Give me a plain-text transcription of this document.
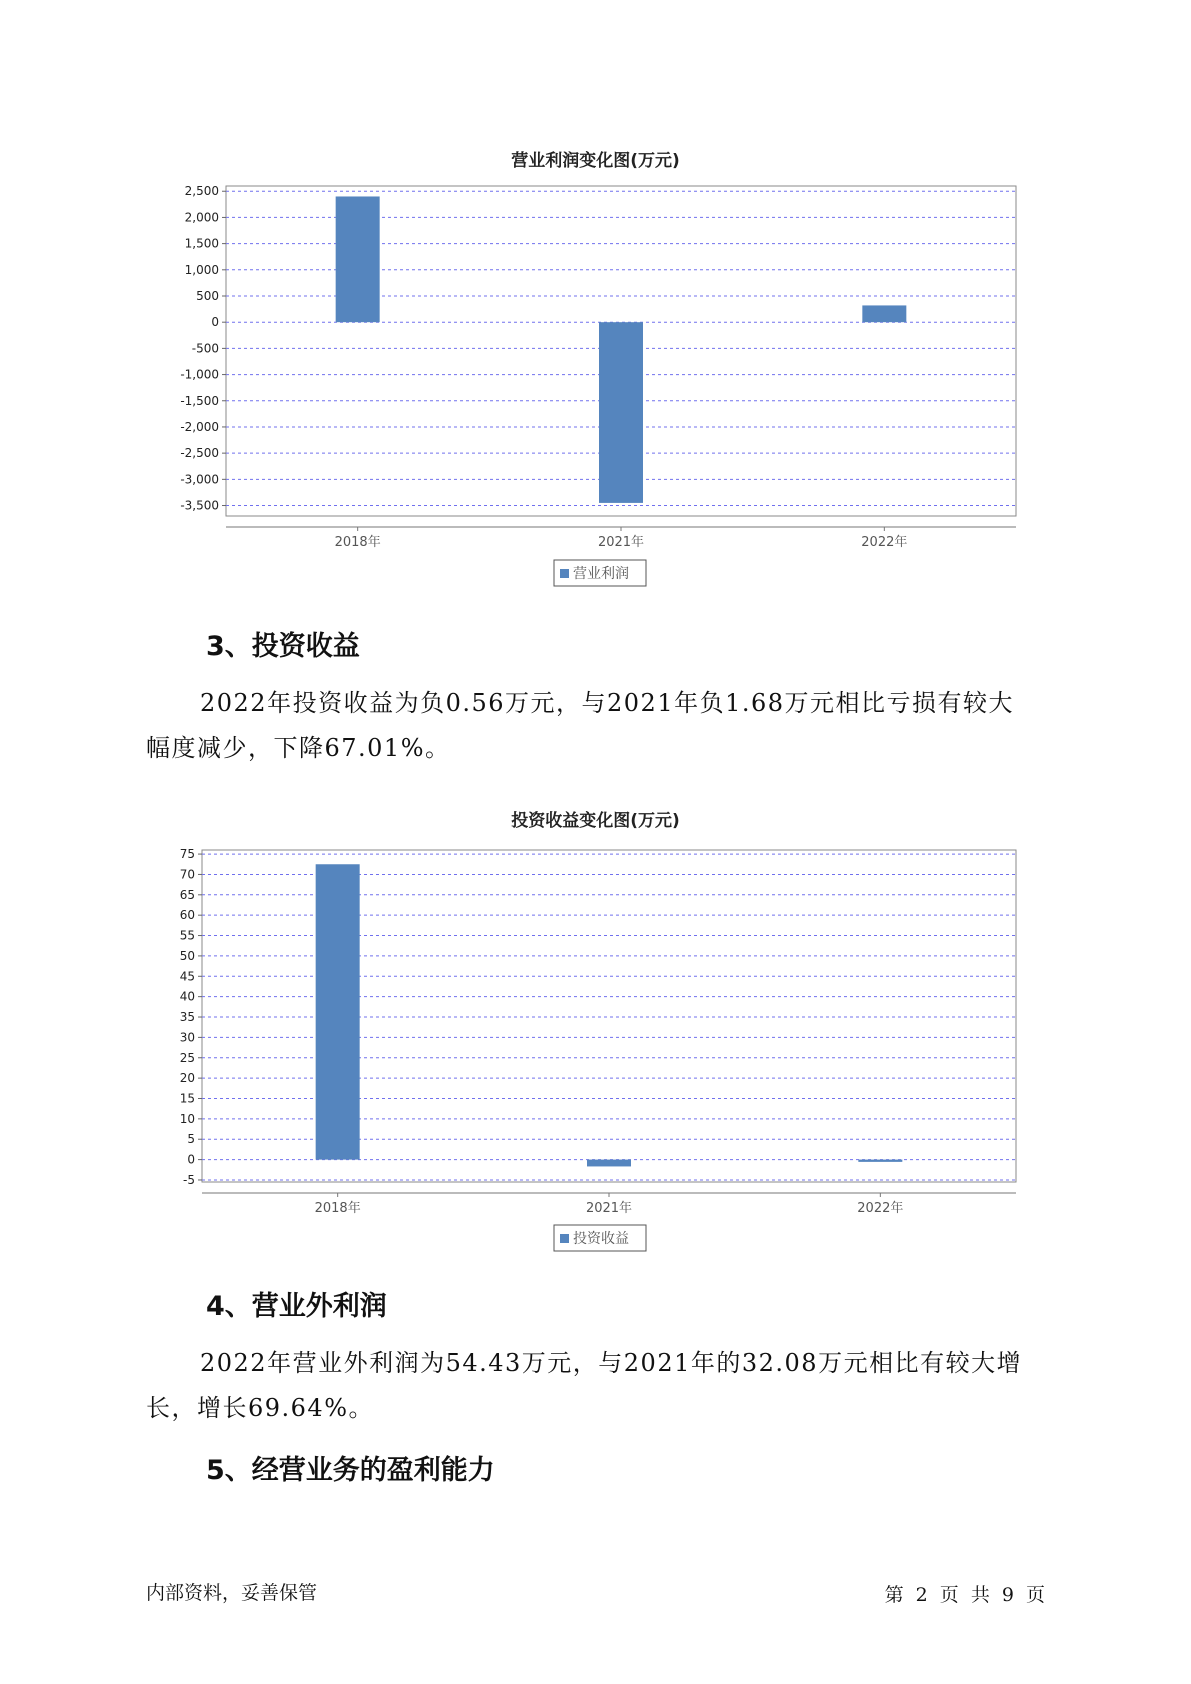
营业利润变化图(万元)
2,500
2,000
1,500
1,000
500
0
-500
-1,000
-1,500
-2,000
-2,500
-3,000
-3,500
2018年	2021年	2022年
营业利润
3、投资收益
2022年投资收益为负0.56万元，与2021年负1.68万元相比亏损有较大
幅度减少，下降67.01%。
投资收益变化图(万元)
75
70
65
60
55
50
45
40
35
30
25
20
15
10
5
0
-5
2018年	2021年	2022年
投资收益
4、营业外利润
2022年营业外利润为54.43万元，与2021年的32.08万元相比有较大增
长，增长69.64%。
5、经营业务的盈利能力
内部资料，妥善保管	第 2 页 共 9 页
